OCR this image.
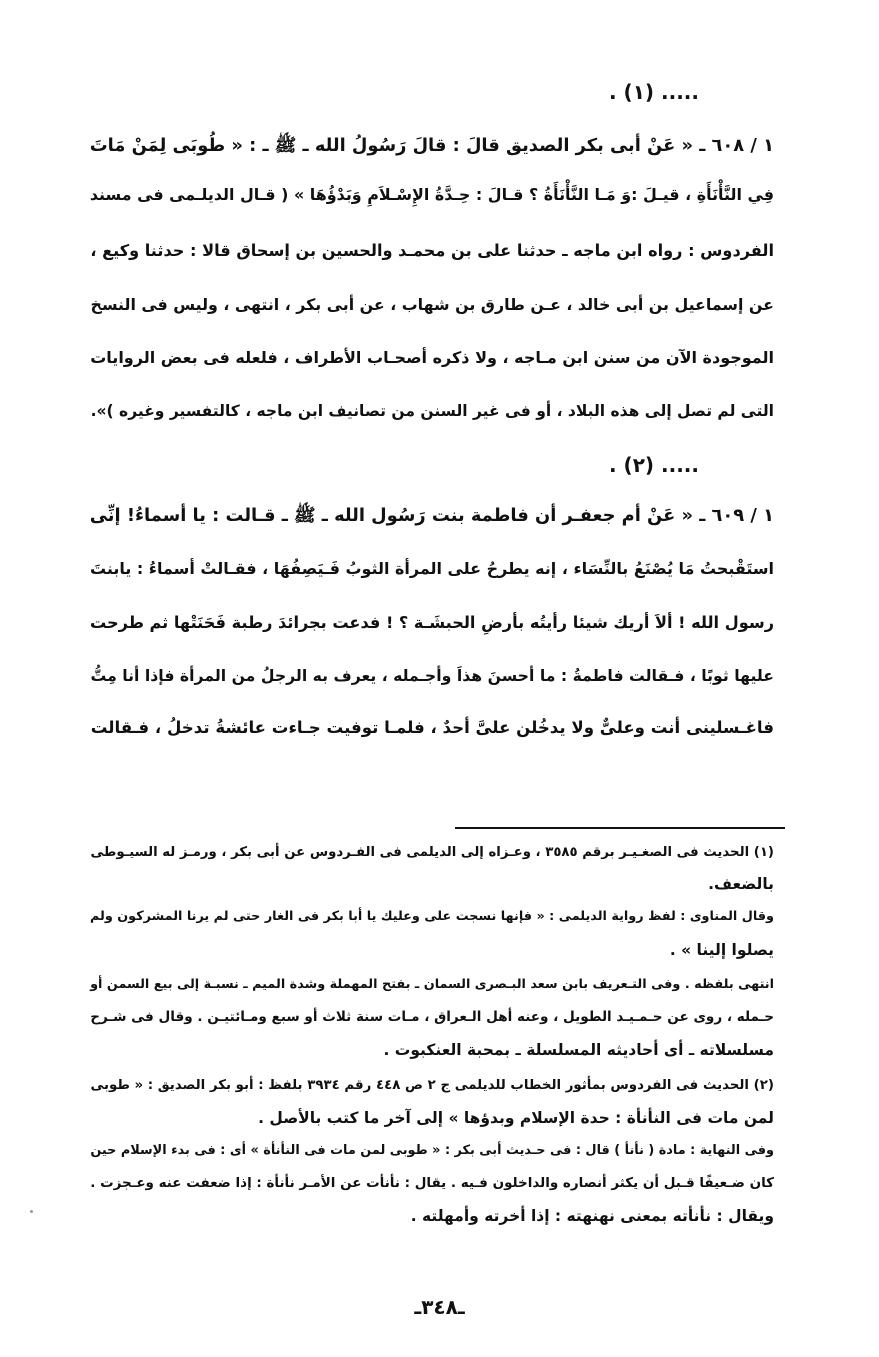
..... (١) .
١ / ٦٠٨ ـ « عَنْ أبى بكر الصديق قالَ : قالَ رَسُولُ الله ـ ﷺ ـ : « طُوبَى لِمَنْ مَاتَ
فِي النَّأْنَأَةِ ، قيـلَ :وَ مَـا النَّأْنَأَةُ ؟ قـالَ : حِـدَّةُ الإِسْـلاَمِ وَبَدْؤُهَا » ( قـال الديلـمى فى مسند
الفردوس : رواه ابن ماجه ـ حدثنا على بن محمـد والحسين بن إسحاق قالا : حدثنا وكيع ،
عن إسماعيل بن أبى خالد ، عـن طارق بن شهاب ، عن أبى بكر ، انتهى ، وليس فى النسخ
الموجودة الآن من سنن ابن مـاجه ، ولا ذكره أصحـاب الأطراف ، فلعله فى بعض الروايات
التى لم تصل إلى هذه البلاد ، أو فى غير السنن من تصانيف ابن ماجه ، كالتفسير وغيره )».
..... (٢) .
١ / ٦٠٩ ـ « عَنْ أم جعفـر أن فاطمة بنت رَسُول الله ـ ﷺ ـ قـالت : يا أسماءُ! إنِّى
استَقْبحتُ مَا يُصْنَعُ بالنِّسَاء ، إنه يطرحُ على المرأة الثوبُ فَـيَصِفُهَا ، فقـالتْ أسماءُ : يابنتَ
رسول الله ! ألاَ أريك شيئا رأيتُه بأرضِ الحبشَـة ؟ ! فدعت بجرائدَ رطبة فَحَنَتْها ثم طرحت
عليها ثوبًا ، فـقالت فاطمةُ : ما أحسنَ هذاَ وأجـمله ، يعرف به الرجلُ من المرأة فإذا أنا مِتُّ
فاغـسلينى أنت وعلىٌّ ولا يدخُلن علىَّ أحدٌ ، فلمـا توفيت جـاءت عائشةُ تدخلُ ، فـقالت
(١) الحديث فى الصغـيـر برقم ٣٥٨٥ ، وعـزاه إلى الديلمى فى الفـردوس عن أبى بكر ، ورمـز له السيـوطى
بالضعف.
وقال المناوى : لفظ رواية الديلمى : « فإنها نسجت على وعليك يا أبا بكر فى الغار حتى لم يرنا المشركون ولم
يصلوا إلينا » .
انتهى بلفظه . وفى التـعريف بابن سعد البـصرى السمان ـ بفتح المهملة وشدة الميم ـ نسبـة إلى بيع السمن أو
حـمله ، روى عن حـمـيـد الطويل ، وعنه أهل الـعراق ، مـات سنة ثلاث أو سبع ومـائتيـن . وقال فى شـرح
مسلسلاته ـ أى أحاديثه المسلسلة ـ بمحبة العنكبوت .
(٢) الحديث فى الفردوس بمأثور الخطاب للديلمى ج ٢ ص ٤٤٨ رقم ٣٩٣٤ بلفظ : أبو بكر الصديق : « طوبى
لمن مات فى النأنأة : حدة الإسلام وبدؤها » إلى آخر ما كتب بالأصل .
وفى النهاية : مادة ( نأنأ ) قال : فى حـديث أبى بكر : « طوبى لمن مات فى النأنأة » أى : فى بدء الإسلام حين
كان ضـعيفًا قـبل أن يكثر أنصاره والداخلون فـيه . يقال : نأنأت عن الأمـر نأنأة : إذا ضعفت عنه وعـجزت .
ويقال : نأنأته بمعنى نهنهته : إذا أخرته وأمهلته .
ـ٣٤٨ـ
